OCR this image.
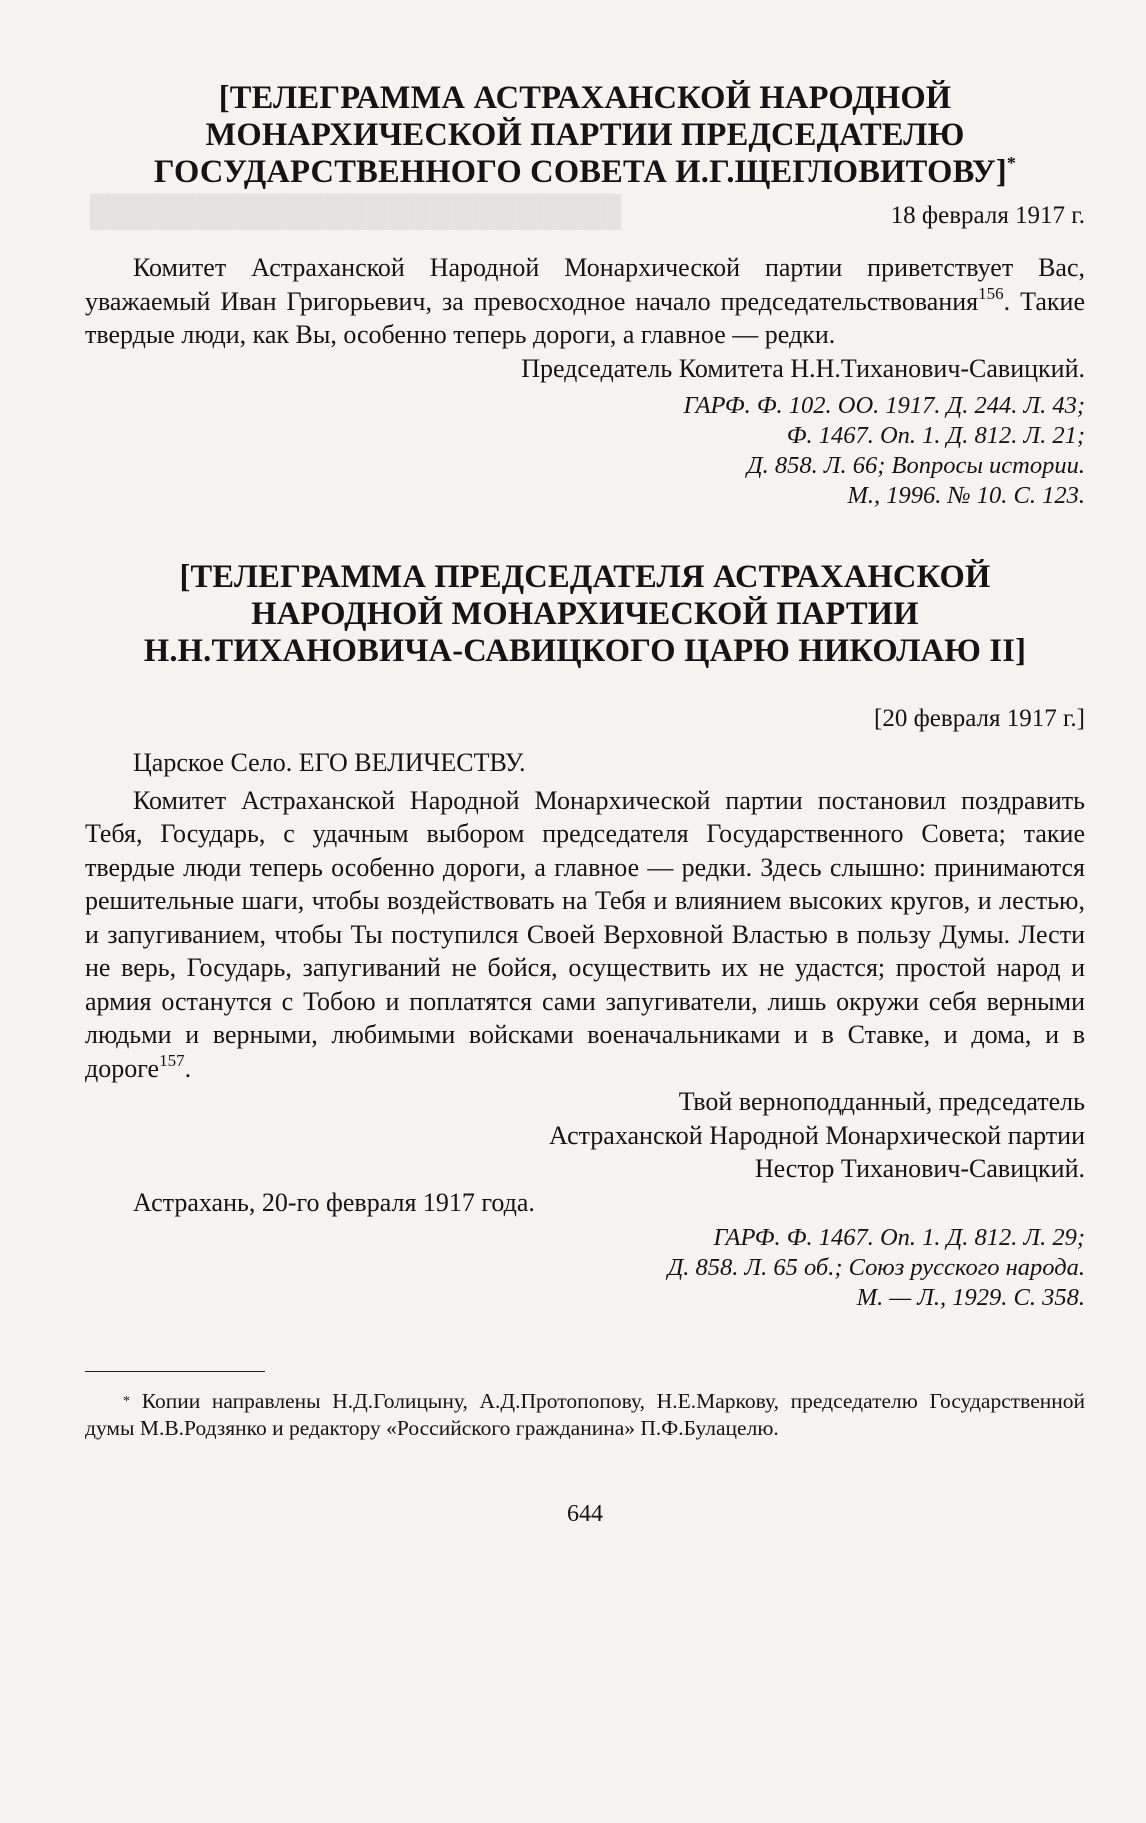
█████████████████████████

[ТЕЛЕГРАММА АСТРАХАНСКОЙ НАРОДНОЙ

МОНАРХИЧЕСКОЙ ПАРТИИ ПРЕДСЕДАТЕЛЮ

ГОСУДАРСТВЕННОГО СОВЕТА И.Г.ЩЕГЛОВИТОВУ]*

18 февраля 1917 г.

Комитет Астраханской Народной Монархической партии приветствует Вас, уважаемый Иван Григорьевич, за превосходное начало председательствования$^{156}$. Такие твердые люди, как Вы, особенно теперь дороги, а главное — редки.

Председатель Комитета Н.Н.Тиханович-Савицкий.
ГАРФ. Ф. 102. ОО. 1917. Д. 244. Л. 43;
Ф. 1467. Оп. 1. Д. 812. Л. 21;
Д. 858. Л. 66; Вопросы истории.
М., 1996. № 10. С. 123.

[ТЕЛЕГРАММА ПРЕДСЕДАТЕЛЯ АСТРАХАНСКОЙ

НАРОДНОЙ МОНАРХИЧЕСКОЙ ПАРТИИ

Н.Н.ТИХАНОВИЧА-САВИЦКОГО ЦАРЮ НИКОЛАЮ II]

[20 февраля 1917 г.]
Царское Село. ЕГО ВЕЛИЧЕСТВУ.

Комитет Астраханской Народной Монархической партии постановил поздравить Тебя, Государь, с удачным выбором председателя Государственного Совета; такие твердые люди теперь особенно дороги, а главное — редки. Здесь слышно: принимаются решительные шаги, чтобы воздействовать на Тебя и влиянием высоких кругов, и лестью, и запугиванием, чтобы Ты поступился Своей Верховной Властью в пользу Думы. Лести не верь, Государь, запугиваний не бойся, осуществить их не удастся; простой народ и армия останутся с Тобою и поплатятся сами запугиватели, лишь окружи себя верными людьми и верными, любимыми войсками военачальниками и в Ставке, и дома, и в дороге$^{157}$.

Твой верноподданный, председатель
Астраханской Народной Монархической партии
Нестор Тиханович-Савицкий.
Астрахань, 20-го февраля 1917 года.
ГАРФ. Ф. 1467. Оп. 1. Д. 812. Л. 29;
Д. 858. Л. 65 об.; Союз русского народа.
М. — Л., 1929. С. 358.

* Копии направлены Н.Д.Голицыну, А.Д.Протопопову, Н.Е.Маркову, председателю Государственной думы М.В.Родзянко и редактору «Российского гражданина» П.Ф.Булацелю.

644
